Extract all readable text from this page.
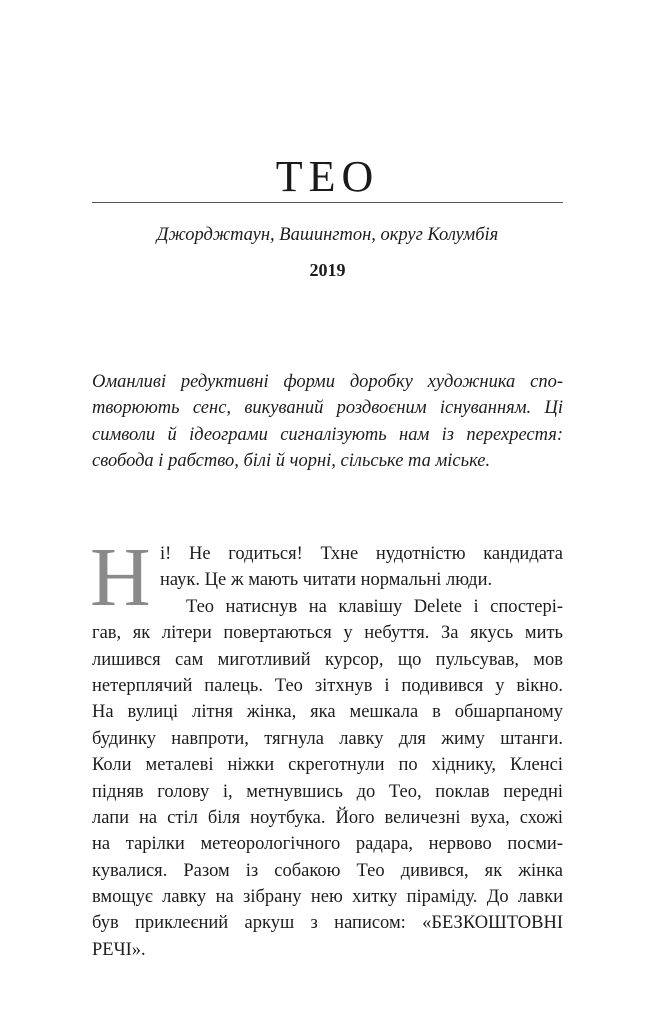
ТЕО
Джорджтаун, Вашингтон, округ Колумбія
2019
Оманливі редуктивні форми доробку художника спо-
творюють сенс, викуваний роздвоєним існуванням. Ці
символи й ідеограми сигналізують нам із перехрестя:
свобода і рабство, білі й чорні, сільське та міське.
Н і! Не годиться! Тхне нудотністю кандидата
наук. Це ж мають читати нормальні люди.
Тео натиснув на клавішу Delete і спостері-
гав, як літери повертаються у небуття. За якусь мить
лишився сам миготливий курсор, що пульсував, мов
нетерплячий палець. Тео зітхнув і подивився у вікно.
На вулиці літня жінка, яка мешкала в обшарпаному
будинку навпроти, тягнула лавку для жиму штанги.
Коли металеві ніжки скреготнули по хіднику, Кленсі
підняв голову і, метнувшись до Тео, поклав передні
лапи на стіл біля ноутбука. Його величезні вуха, схожі
на тарілки метеорологічного радара, нервово посми-
кувалися. Разом із собакою Тео дивився, як жінка
вмощує лавку на зібрану нею хитку піраміду. До лавки
був приклеєний аркуш з написом: «БЕЗКОШТОВНІ
РЕЧІ».
